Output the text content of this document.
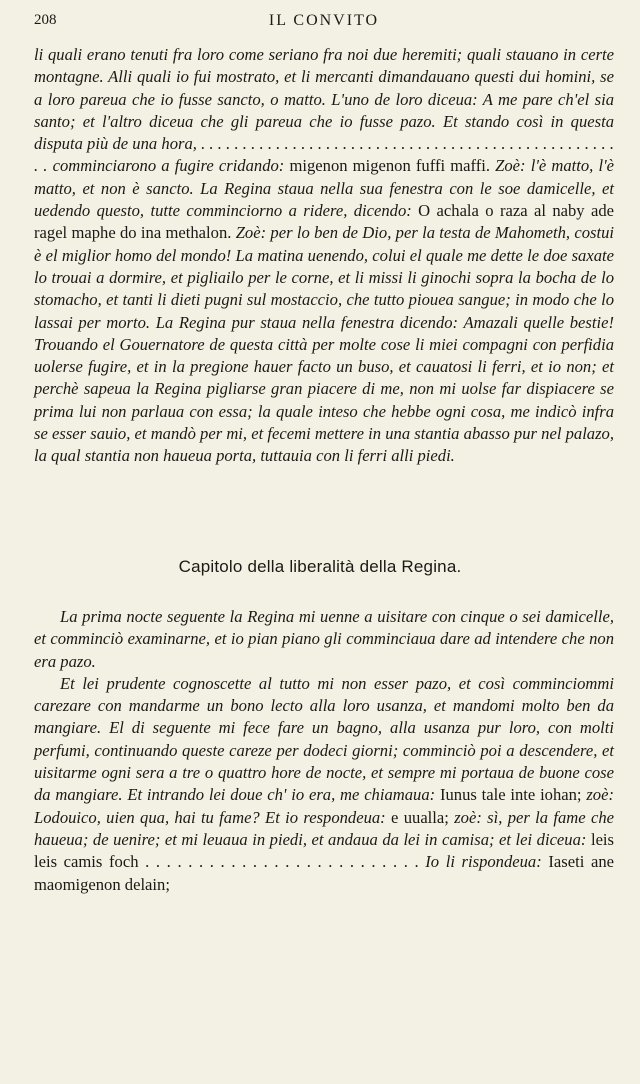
208	IL CONVITO

li quali erano tenuti fra loro come seriano fra noi due heremiti; quali stauano in certe montagne. Alli quali io fui mostrato, et li mercanti dimandauano questi dui homini, se a loro pareua che io fusse sancto, o matto. L'uno de loro diceua: A me pare ch'el sia santo; et l'altro diceua che gli pareua che io fusse pazo. Et stando così in questa disputa più de una hora, . . . . . . . . . . . . . . . . . . . . . . . . . . . . . . . . . . . . . . . . . . . . . . . . . . . . comminciarono a fugire cridando: migenon migenon fuffi maffi. Zoè: l'è matto, l'è matto, et non è sancto. La Regina staua nella sua fenestra con le soe damicelle, et uedendo questo, tutte comminciorno a ridere, dicendo: O achala o raza al naby ade ragel maphe do ina methalon. Zoè: per lo ben de Dio, per la testa de Mahometh, costui è el miglior homo del mondo! La matina uenendo, colui el quale me dette le doe saxate lo trouai a dormire, et pigliailo per le corne, et li missi li ginochi sopra la bocha de lo stomacho, et tanti li dieti pugni sul mostaccio, che tutto pioueа sangue; in modo che lo lassai per morto. La Regina pur staua nella fenestra dicendo: Amazali quelle bestie! Trouando el Gouernatore de questa città per molte cose li miei compagni con perfidia uolerse fugire, et in la pregione hauer facto un buso, et cauatosi li ferri, et io non; et perchè sapeua la Regina pigliarse gran piacere di me, non mi uolse far dispiacere se prima lui non parlaua con essa; la quale inteso che hebbe ogni cosa, me indicò infra se esser sauio, et mandò per mi, et fecemi mettere in una stantia abasso pur nel palazo, la qual stantia non haueua porta, tuttauia con li ferri alli piedi.

Capitolo della liberalità della Regina.

La prima nocte seguente la Regina mi uenne a uisitare con cinque o sei damicelle, et comminciò examinarne, et io pian piano gli comminciaua dare ad intendere che non era pazo.

Et lei prudente cognoscette al tutto mi non esser pazo, et così comminciommi carezare con mandarme un bono lecto alla loro usanza, et mandomi molto ben da mangiare. El di seguente mi fece fare un bagno, alla usanza pur loro, con molti perfumi, continuando queste careze per dodeci giorni; comminciò poi a descendere, et uisitarme ogni sera a tre o quattro hore de nocte, et sempre mi portaua de buone cose da mangiare. Et intrando lei doue ch' io era, me chiamaua: Iunus tale inte iohan; zoè: Lodouico, uien qua, hai tu fame? Et io respondeua: e uualla; zoè: sì, per la fame che haueua; de uenire; et mi leuaua in piedi, et andaua da lei in camisa; et lei diceua: leis leis camis foch . . . . . . . . . . . . . . . . . . . . . . . . . . Io li rispondeua: Iaseti ane maomigenon delain;
